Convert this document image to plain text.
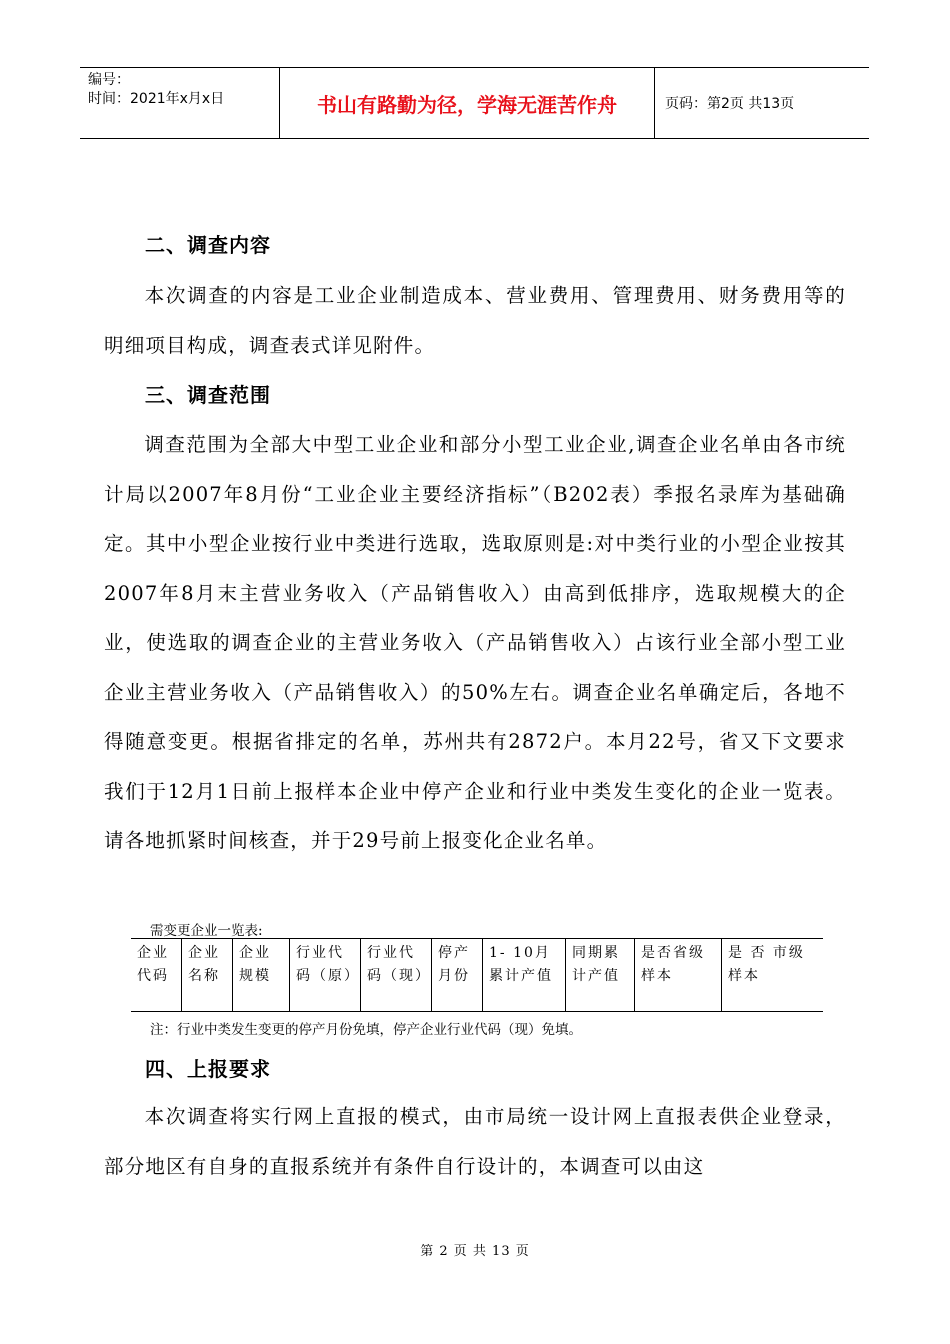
编号：
时间：2021年x月x日	书山有路勤为径，学海无涯苦作舟	页码：第2页 共13页
二、调查内容
本次调查的内容是工业企业制造成本、营业费用、管理费用、财务费用等的明细项目构成，调查表式详见附件。
三、调查范围
调查范围为全部大中型工业企业和部分小型工业企业,调查企业名单由各市统计局以2007年8月份“工业企业主要经济指标”（B202表）季报名录库为基础确定。其中小型企业按行业中类进行选取，选取原则是:对中类行业的小型企业按其2007年8月末主营业务收入（产品销售收入）由高到低排序，选取规模大的企业，使选取的调查企业的主营业务收入（产品销售收入）占该行业全部小型工业企业主营业务收入（产品销售收入）的50%左右。调查企业名单确定后，各地不得随意变更。根据省排定的名单，苏州共有2872户。本月22号，省又下文要求我们于12月1日前上报样本企业中停产企业和行业中类发生变化的企业一览表。请各地抓紧时间核查，并于29号前上报变化企业名单。
需变更企业一览表:
企业代码	企业名称	企业规模	行业代码（原）	行业代码（现）	停产月份	1- 10月累计产值	同期累计产值	是否省级样本	是 否 市级样本
注：行业中类发生变更的停产月份免填，停产企业行业代码（现）免填。
四、上报要求
本次调查将实行网上直报的模式，由市局统一设计网上直报表供企业登录，部分地区有自身的直报系统并有条件自行设计的，本调查可以由这
第 2 页 共 13 页
